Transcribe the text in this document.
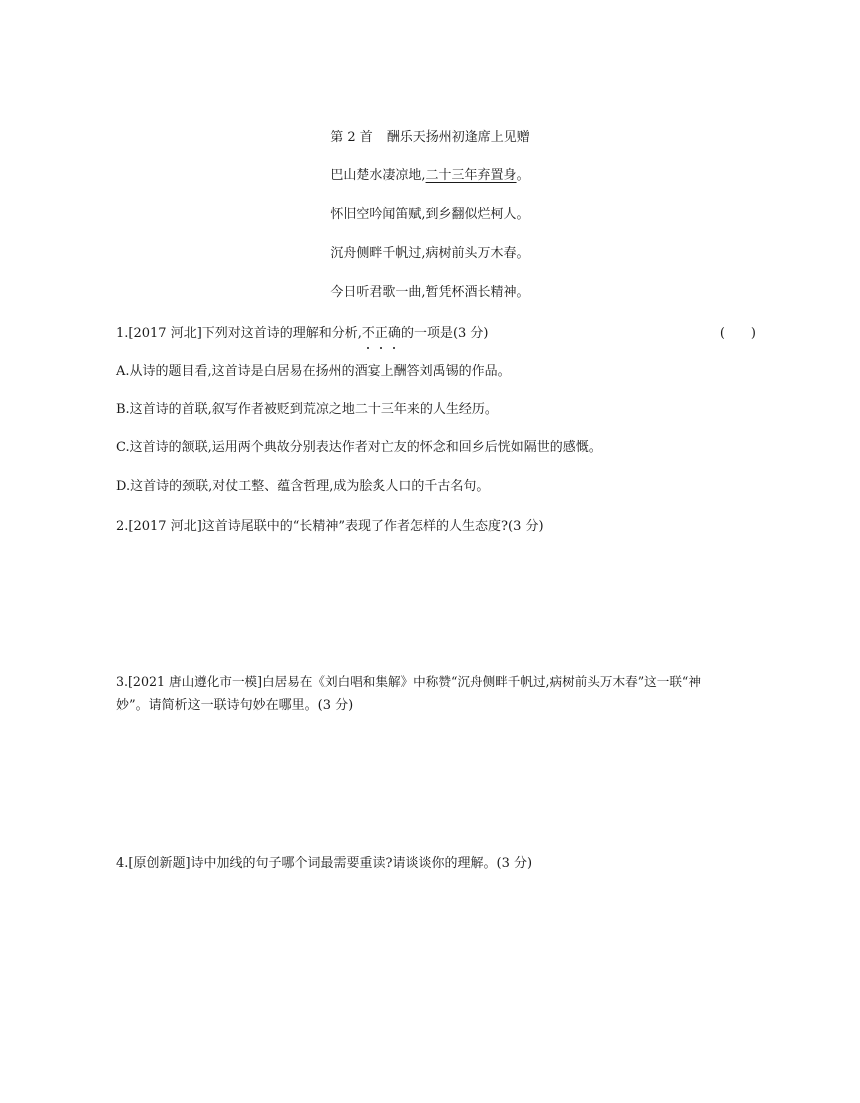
第 2 首 酬乐天扬州初逢席上见赠
巴山楚水凄凉地,二十三年弃置身。
怀旧空吟闻笛赋,到乡翻似烂柯人。
沉舟侧畔千帆过,病树前头万木春。
今日听君歌一曲,暂凭杯酒长精神。
1.[2017 河北]下列对这首诗的理解和分析,不正确的一项是(3 分)	(　　)
A.从诗的题目看,这首诗是白居易在扬州的酒宴上酬答刘禹锡的作品。
B.这首诗的首联,叙写作者被贬到荒凉之地二十三年来的人生经历。
C.这首诗的颔联,运用两个典故分别表达作者对亡友的怀念和回乡后恍如隔世的感慨。
D.这首诗的颈联,对仗工整、蕴含哲理,成为脍炙人口的千古名句。
2.[2017 河北]这首诗尾联中的“长精神”表现了作者怎样的人生态度?(3 分)
3.[2021 唐山遵化市一模]白居易在《刘白唱和集解》中称赞“沉舟侧畔千帆过,病树前头万木春”这一联“神
妙”。请简析这一联诗句妙在哪里。(3 分)
4.[原创新题]诗中加线的句子哪个词最需要重读?请谈谈你的理解。(3 分)
